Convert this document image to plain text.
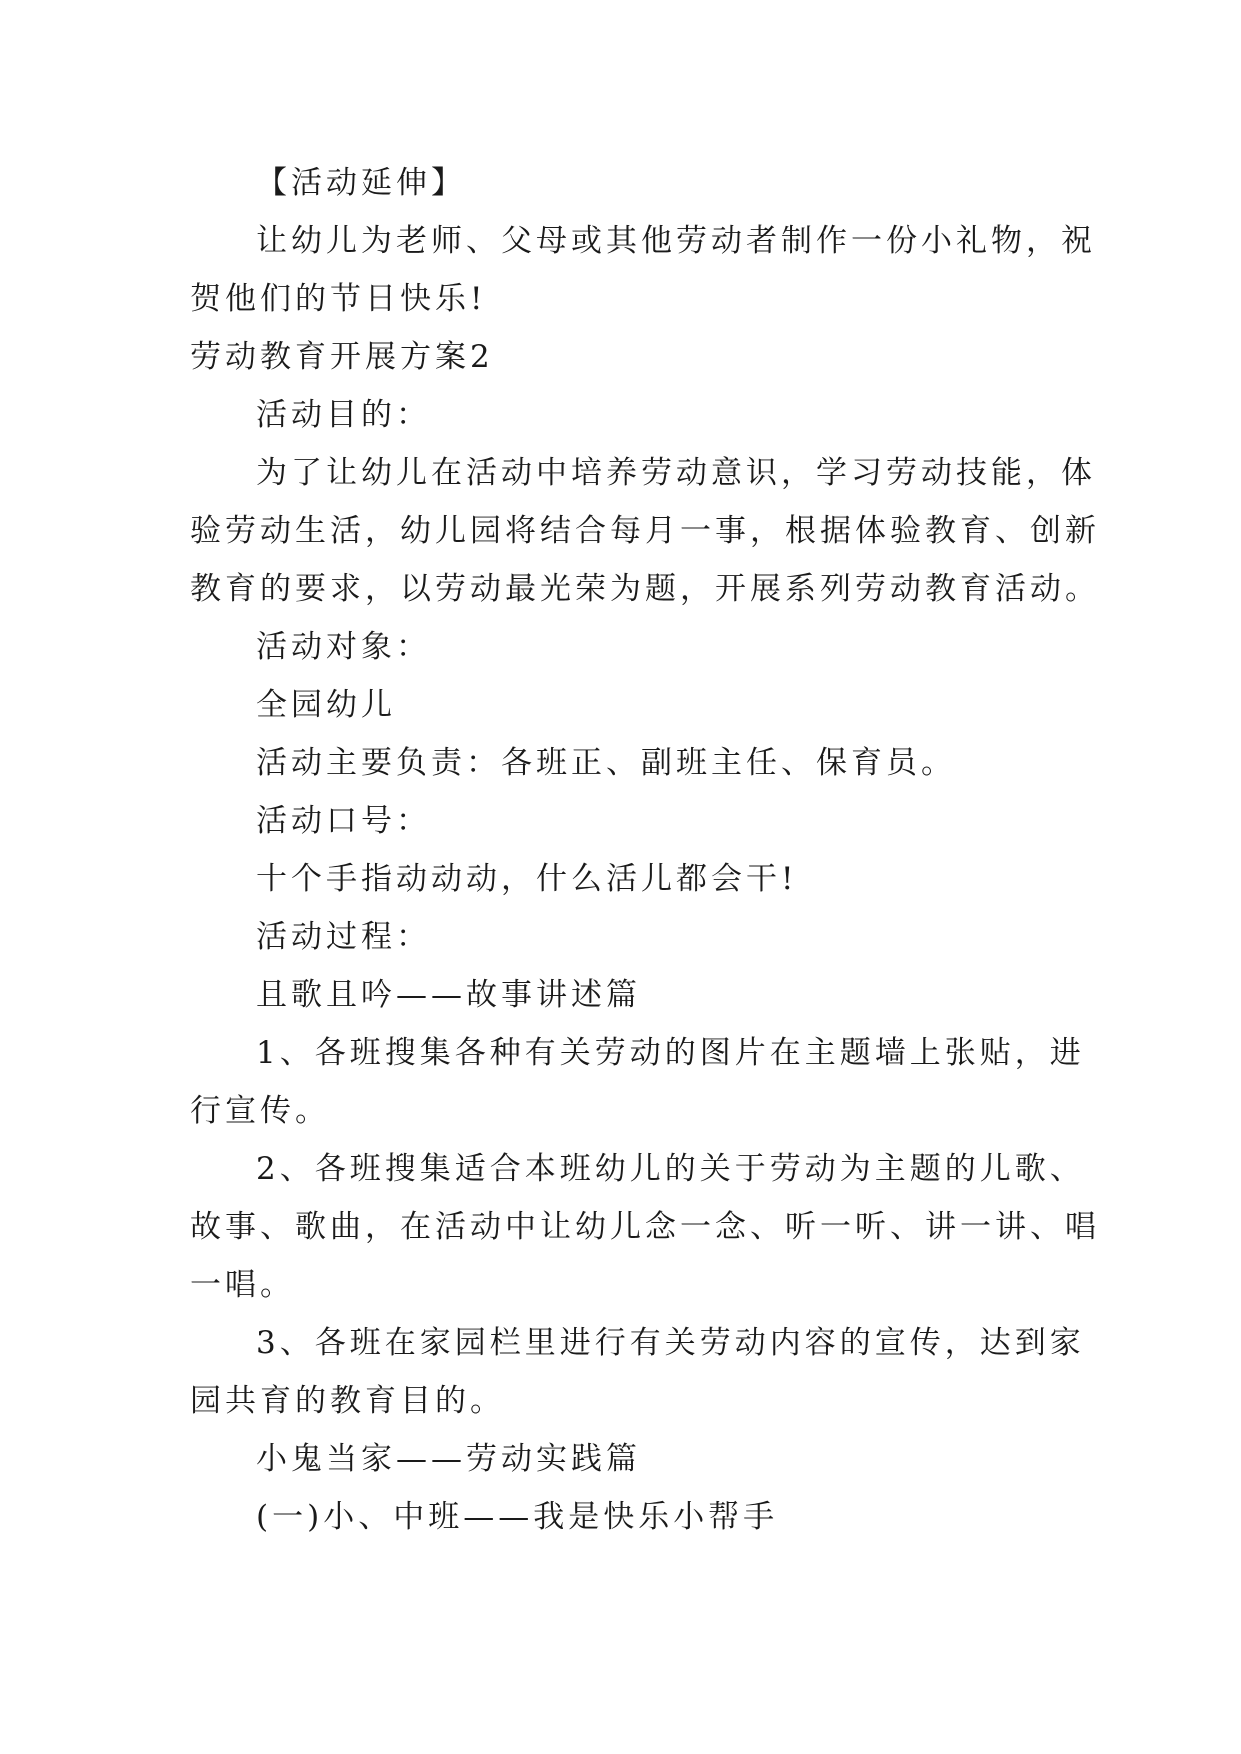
【活动延伸】
让幼儿为老师、父母或其他劳动者制作一份小礼物，祝
贺他们的节日快乐!
劳动教育开展方案2
活动目的：
为了让幼儿在活动中培养劳动意识，学习劳动技能，体
验劳动生活，幼儿园将结合每月一事，根据体验教育、创新
教育的要求，以劳动最光荣为题，开展系列劳动教育活动。
活动对象：
全园幼儿
活动主要负责：各班正、副班主任、保育员。
活动口号：
十个手指动动动，什么活儿都会干!
活动过程：
且歌且吟——故事讲述篇
1、各班搜集各种有关劳动的图片在主题墙上张贴，进
行宣传。
2、各班搜集适合本班幼儿的关于劳动为主题的儿歌、
故事、歌曲，在活动中让幼儿念一念、听一听、讲一讲、唱
一唱。
3、各班在家园栏里进行有关劳动内容的宣传，达到家
园共育的教育目的。
小鬼当家——劳动实践篇
(一)小、中班——我是快乐小帮手
